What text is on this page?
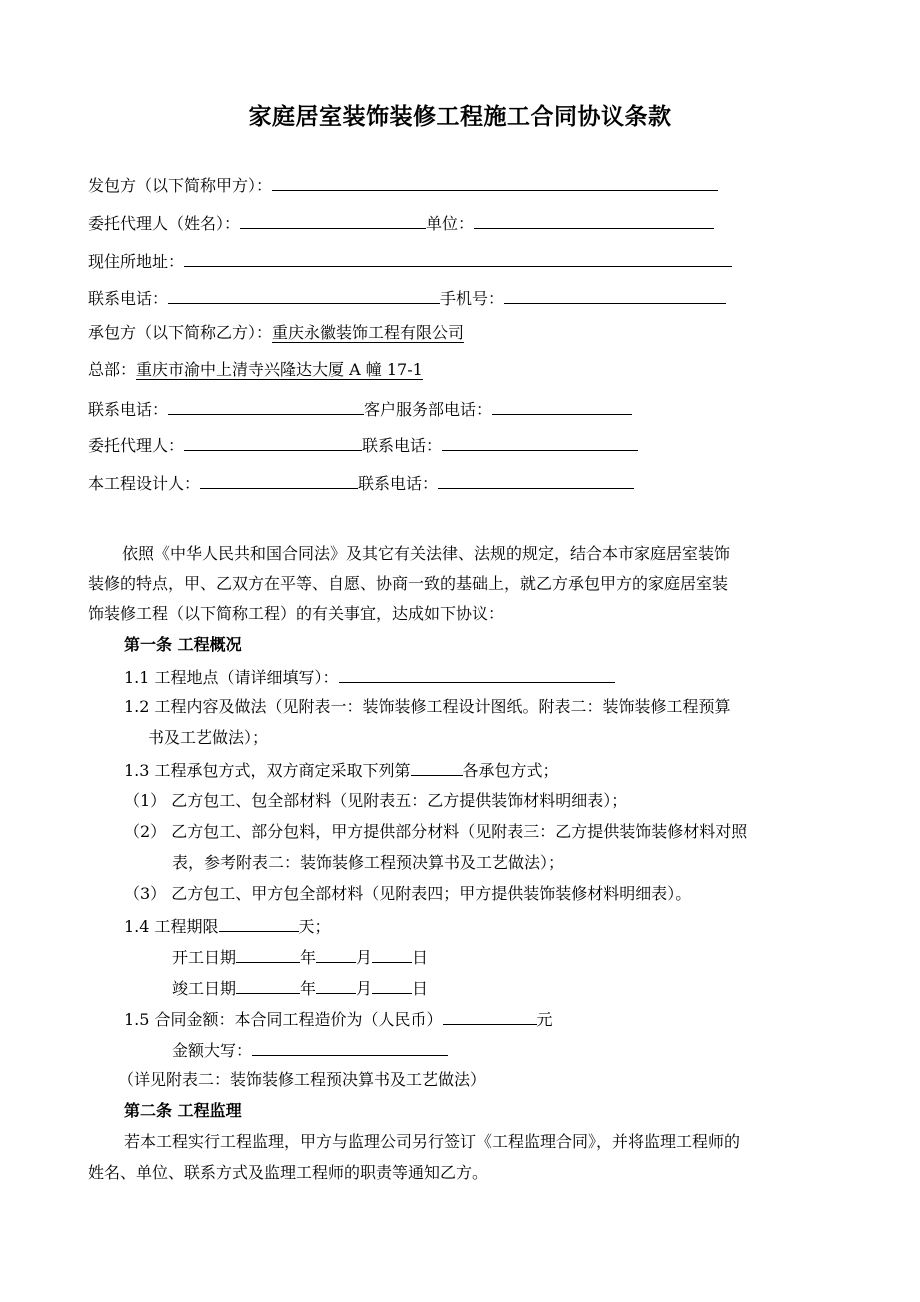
家庭居室装饰装修工程施工合同协议条款
发包方（以下简称甲方）：
委托代理人（姓名）：	单位：
现住所地址：
联系电话：	手机号：
承包方（以下简称乙方）：重庆永徽装饰工程有限公司
总部：重庆市渝中上清寺兴隆达大厦 A 幢 17-1
联系电话：	客户服务部电话：
委托代理人：	联系电话：
本工程设计人：	联系电话：
依照《中华人民共和国合同法》及其它有关法律、法规的规定，结合本市家庭居室装饰
装修的特点，甲、乙双方在平等、自愿、协商一致的基础上，就乙方承包甲方的家庭居室装
饰装修工程（以下简称工程）的有关事宜，达成如下协议：
第一条 工程概况
1.1 工程地点（请详细填写）：
1.2 工程内容及做法（见附表一：装饰装修工程设计图纸。附表二：装饰装修工程预算
书及工艺做法）；
1.3 工程承包方式，双方商定采取下列第	各承包方式；
（1） 乙方包工、包全部材料（见附表五：乙方提供装饰材料明细表）；
（2） 乙方包工、部分包料，甲方提供部分材料（见附表三：乙方提供装饰装修材料对照
表，参考附表二：装饰装修工程预决算书及工艺做法）；
（3） 乙方包工、甲方包全部材料（见附表四；甲方提供装饰装修材料明细表）。
1.4 工程期限	天；
开工日期	年	月	日
竣工日期	年	月	日
1.5 合同金额：本合同工程造价为（人民币）	元
金额大写：
（详见附表二：装饰装修工程预决算书及工艺做法）
第二条 工程监理
若本工程实行工程监理，甲方与监理公司另行签订《工程监理合同》，并将监理工程师的
姓名、单位、联系方式及监理工程师的职责等通知乙方。
